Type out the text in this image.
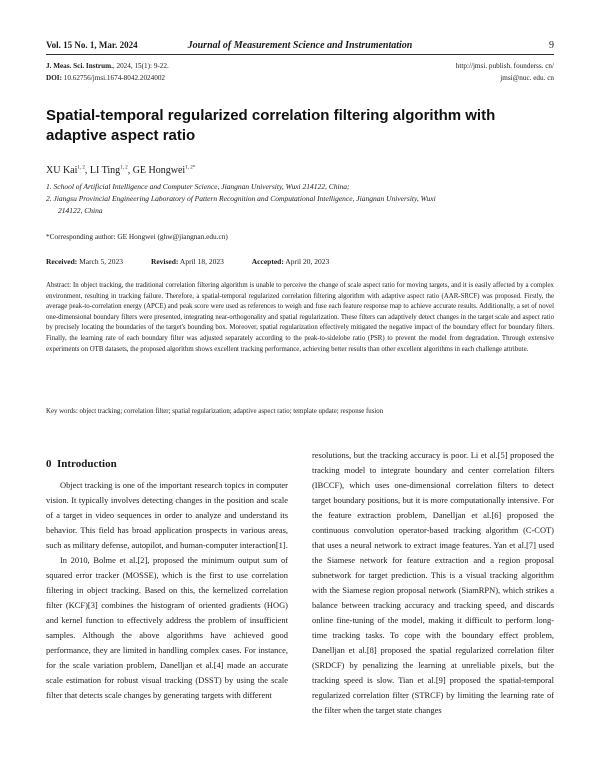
Vol. 15 No. 1, Mar. 2024	Journal of Measurement Science and Instrumentation	9
J. Meas. Sci. Instrum., 2024, 15(1): 9-22.
DOI: 10.62756/jmsi.1674-8042.2024002
http://jmsi. publish. founderss. cn/
jmsi@nuc. edu. cn
Spatial-temporal regularized correlation filtering algorithm with adaptive aspect ratio
XU Kai$^{1, 2}$, LI Ting$^{1, 2}$, GE Hongwei$^{1, 2*}$
1. School of Artificial Intelligence and Computer Science, Jiangnan University, Wuxi 214122, China;
2. Jiangsu Provincial Engineering Laboratory of Pattern Recognition and Computational Intelligence, Jiangnan University, Wuxi
214122, China
*Corresponding author: GE Hongwei (ghw@jiangnan.edu.cn)
Received: March 5, 2023	Revised: April 18, 2023	Accepted: April 20, 2023
Abstract: In object tracking, the traditional correlation filtering algorithm is unable to perceive the change of scale aspect ratio for moving targets, and it is easily affected by a complex environment, resulting in tracking failure. Therefore, a spatial-temporal regularized correlation filtering algorithm with adaptive aspect ratio (AAR-SRCF) was proposed. Firstly, the average peak-to-correlation energy (APCE) and peak score were used as references to weigh and fuse each feature response map to achieve accurate results. Additionally, a set of novel one-dimensional boundary filters were presented, integrating near-orthogonality and spatial regularization. These filters can adaptively detect changes in the target scale and aspect ratio by precisely locating the boundaries of the target's bounding box. Moreover, spatial regularization effectively mitigated the negative impact of the boundary effect for boundary filters. Finally, the learning rate of each boundary filter was adjusted separately according to the peak-to-sidelobe ratio (PSR) to prevent the model from degradation. Through extensive experiments on OTB datasets, the proposed algorithm shows excellent tracking performance, achieving better results than other excellent algorithms in each challenge attribute.
Key words: object tracking; correlation filter; spatial regularization; adaptive aspect ratio; template update; response fusion
0 Introduction

Object tracking is one of the important research topics in computer vision. It typically involves detecting changes in the position and scale of a target in video sequences in order to analyze and understand its behavior. This field has broad application prospects in various areas, such as military defense, autopilot, and human-computer interaction[1].

In 2010, Bolme et al.[2], proposed the minimum output sum of squared error tracker (MOSSE), which is the first to use correlation filtering in object tracking. Based on this, the kernelized correlation filter (KCF)[3] combines the histogram of oriented gradients (HOG) and kernel function to effectively address the problem of insufficient samples. Although the above algorithms have achieved good performance, they are limited in handling complex cases. For instance, for the scale variation problem, Danelljan et al.[4] made an accurate scale estimation for robust visual tracking (DSST) by using the scale filter that detects scale changes by generating targets with different

resolutions, but the tracking accuracy is poor. Li et al.[5] proposed the tracking model to integrate boundary and center correlation filters (IBCCF), which uses one-dimensional correlation filters to detect target boundary positions, but it is more computationally intensive. For the feature extraction problem, Danelljan et al.[6] proposed the continuous convolution operator-based tracking algorithm (C-COT) that uses a neural network to extract image features. Yan et al.[7] used the Siamese network for feature extraction and a region proposal subnetwork for target prediction. This is a visual tracking algorithm with the Siamese region proposal network (SiamRPN), which strikes a balance between tracking accuracy and tracking speed, and discards online fine-tuning of the model, making it difficult to perform long-time tracking tasks. To cope with the boundary effect problem, Danelljan et al.[8] proposed the spatial regularized correlation filter (SRDCF) by penalizing the learning at unreliable pixels, but the tracking speed is slow. Tian et al.[9] proposed the spatial-temporal regularized correlation filter (STRCF) by limiting the learning rate of the filter when the target state changes
